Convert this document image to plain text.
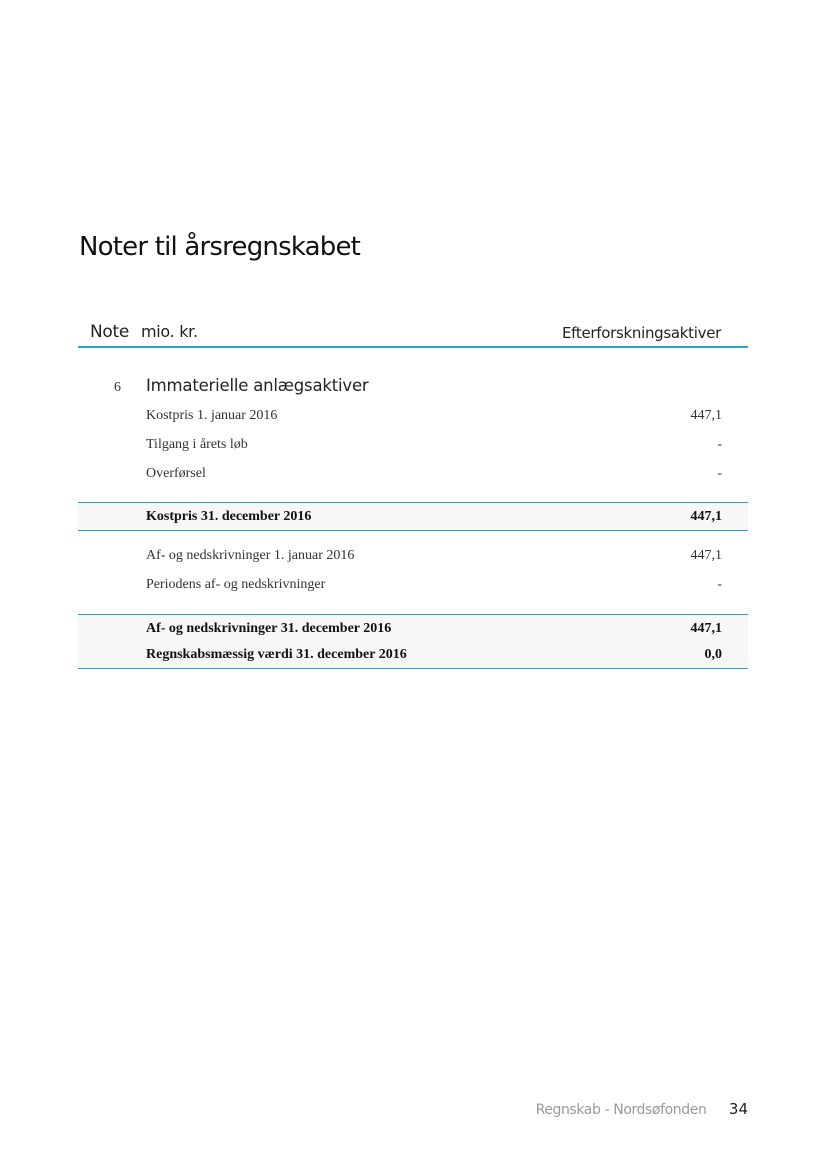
Noter til årsregnskabet
Note mio. kr.	Efterforskningsaktiver
6 Immaterielle anlægsaktiver
Kostpris 1. januar 2016	447,1
Tilgang i årets løb	-
Overførsel	-
Kostpris 31. december 2016	447,1
Af- og nedskrivninger 1. januar 2016	447,1
Periodens af- og nedskrivninger	-
Af- og nedskrivninger 31. december 2016	447,1
Regnskabsmæssig værdi 31. december 2016	0,0
Regnskab - Nordsøfonden 34
